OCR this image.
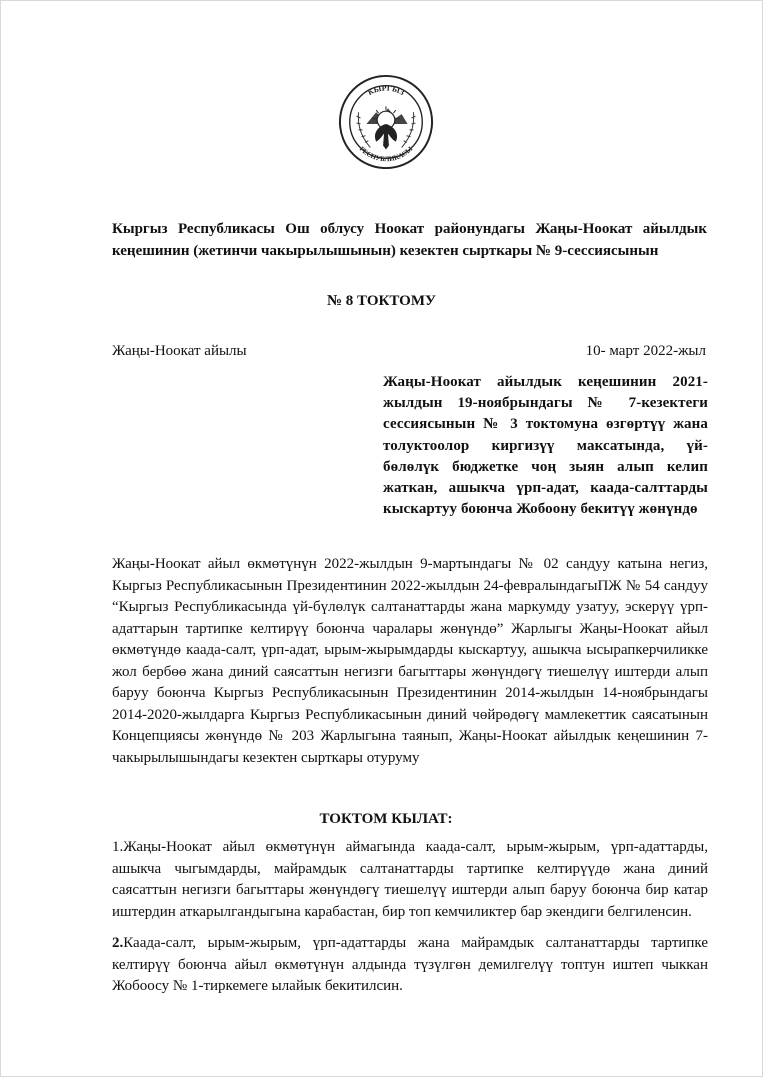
КЫРГЫЗ
РЕСПУБЛИКАСЫ

Кыргыз Республикасы Ош облусу Ноокат районундагы Жаңы-Ноокат айылдык кеңешинин (жетинчи чакырылышынын) кезектен сырткары № 9-сессиясынын

№ 8 ТОКТОМУ

Жаңы-Ноокат айылы	10- март 2022-жыл

Жаңы-Ноокат айылдык кеңешинин 2021-жылдын 19-ноябрындагы № 7-кезектеги сессиясынын № 3 токтомуна өзгөртүү жана толуктоолор киргизүү максатында, үй-бөлөлүк бюджетке чоң зыян алып келип жаткан, ашыкча үрп-адат, каада-салттарды кыскартуу боюнча Жобоону бекитүү жөнүндө

Жаңы-Ноокат айыл өкмөтүнүн 2022-жылдын 9-мартындагы № 02 сандуу катына негиз, Кыргыз Республикасынын Президентинин 2022-жылдын 24-февралындагыПЖ № 54 сандуу “Кыргыз Республикасында үй-бүлөлүк салтанаттарды жана маркумду узатуу, эскерүү үрп-адаттарын тартипке келтирүү боюнча чаралары жөнүндө” Жарлыгы Жаңы-Ноокат айыл өкмөтүндө каада-салт, үрп-адат, ырым-жырымдарды кыскартуу, ашыкча ысырапкерчиликке жол бербөө жана диний саясаттын негизги багыттары жөнүндөгү тиешелүү иштерди алып баруу боюнча Кыргыз Республикасынын Президентинин 2014-жылдын 14-ноябрындагы 2014-2020-жылдарга Кыргыз Республикасынын диний чөйрөдөгү мамлекеттик саясатынын Концепциясы жөнүндө № 203 Жарлыгына таянып, Жаңы-Ноокат айылдык кеңешинин 7-чакырылышындагы кезектен сырткары отуруму

ТОКТОМ КЫЛАТ:

1.Жаңы-Ноокат айыл өкмөтүнүн аймагында каада-салт, ырым-жырым, үрп-адаттарды, ашыкча чыгымдарды, майрамдык салтанаттарды тартипке келтирүүдө жана диний саясаттын негизги багыттары жөнүндөгү тиешелүү иштерди алып баруу боюнча бир катар иштердин аткарылгандыгына карабастан, бир топ кемчиликтер бар экендиги белгиленсин.

2.Каада-салт, ырым-жырым, үрп-адаттарды жана майрамдык салтанаттарды тартипке келтирүү боюнча айыл өкмөтүнүн алдында түзүлгөн демилгелүү топтун иштеп чыккан Жобоосу № 1-тиркемеге ылайык бекитилсин.
